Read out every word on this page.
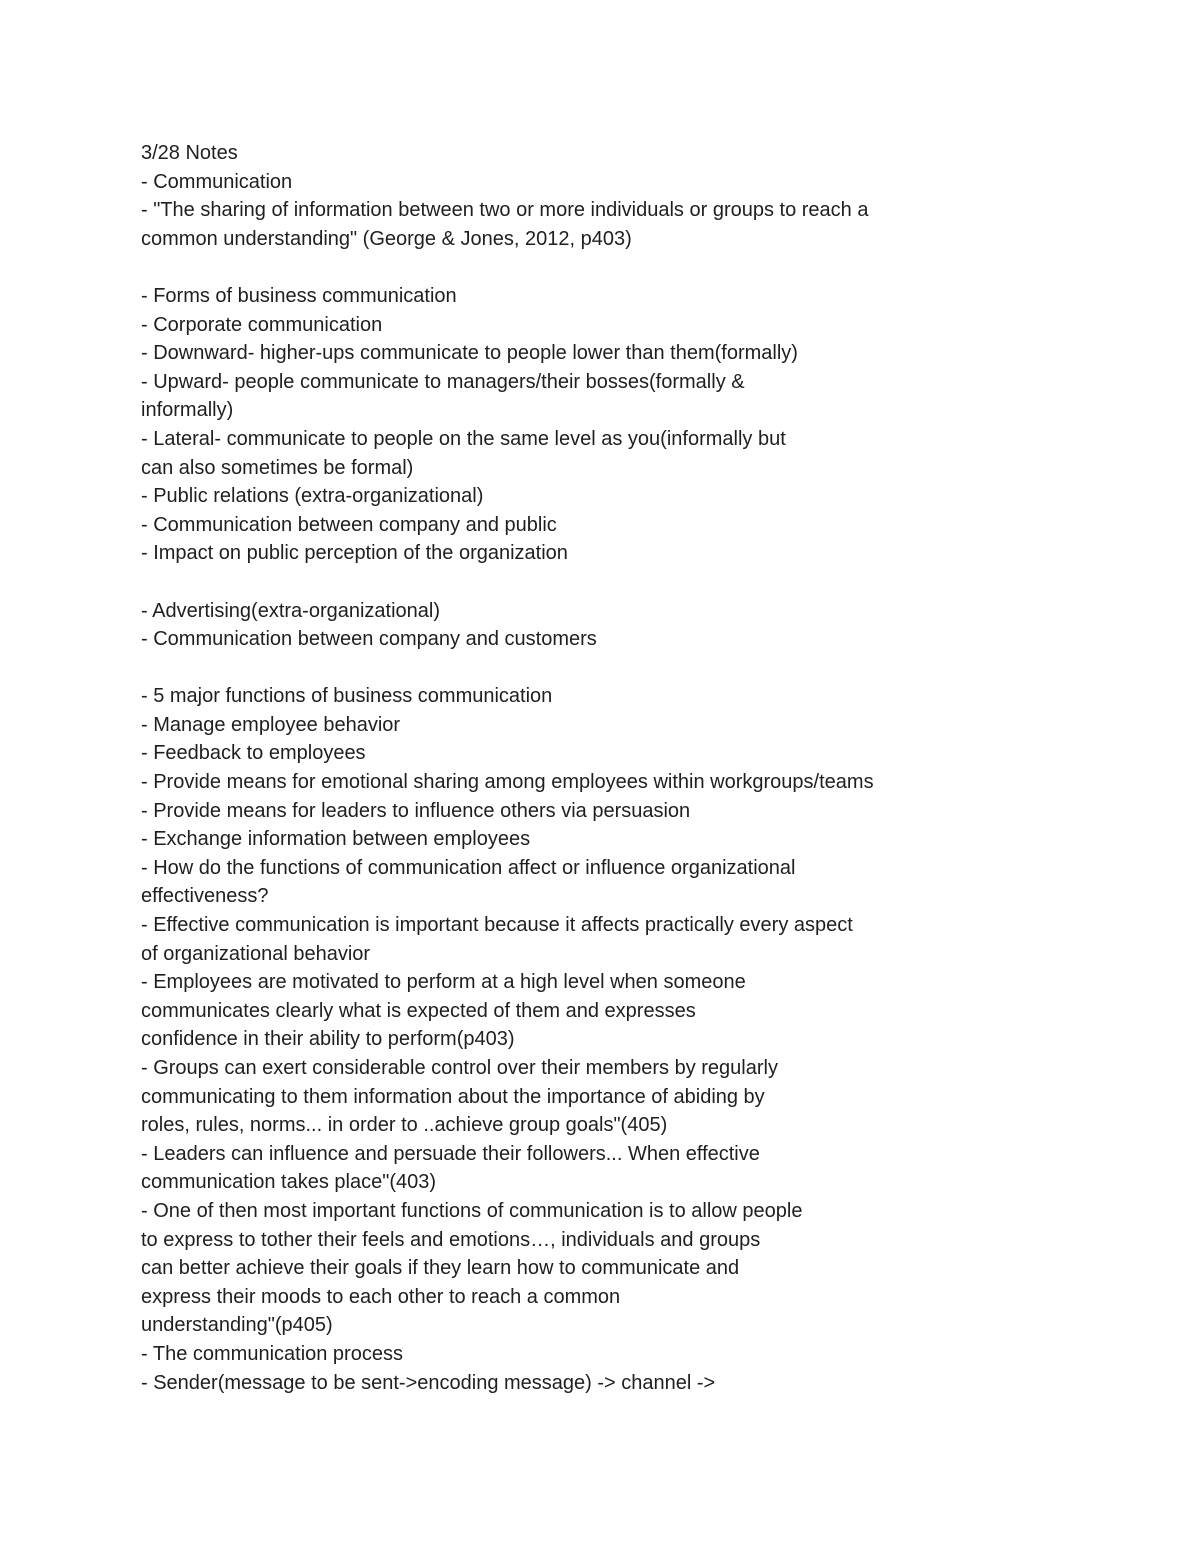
3/28 Notes
- Communication
- "The sharing of information between two or more individuals or groups to reach a
common understanding" (George & Jones, 2012, p403)
- Forms of business communication
- Corporate communication
- Downward- higher-ups communicate to people lower than them(formally)
- Upward- people communicate to managers/their bosses(formally &
informally)
- Lateral- communicate to people on the same level as you(informally but
can also sometimes be formal)
- Public relations (extra-organizational)
- Communication between company and public
- Impact on public perception of the organization
- Advertising(extra-organizational)
- Communication between company and customers
- 5 major functions of business communication
- Manage employee behavior
- Feedback to employees
- Provide means for emotional sharing among employees within workgroups/teams
- Provide means for leaders to influence others via persuasion
- Exchange information between employees
- How do the functions of communication affect or influence organizational
effectiveness?
- Effective communication is important because it affects practically every aspect
of organizational behavior
- Employees are motivated to perform at a high level when someone
communicates clearly what is expected of them and expresses
confidence in their ability to perform(p403)
- Groups can exert considerable control over their members by regularly
communicating to them information about the importance of abiding by
roles, rules, norms... in order to ..achieve group goals"(405)
- Leaders can influence and persuade their followers... When effective
communication takes place"(403)
- One of then most important functions of communication is to allow people
to express to tother their feels and emotions…, individuals and groups
can better achieve their goals if they learn how to communicate and
express their moods to each other to reach a common
understanding"(p405)
- The communication process
- Sender(message to be sent->encoding message) -> channel ->
